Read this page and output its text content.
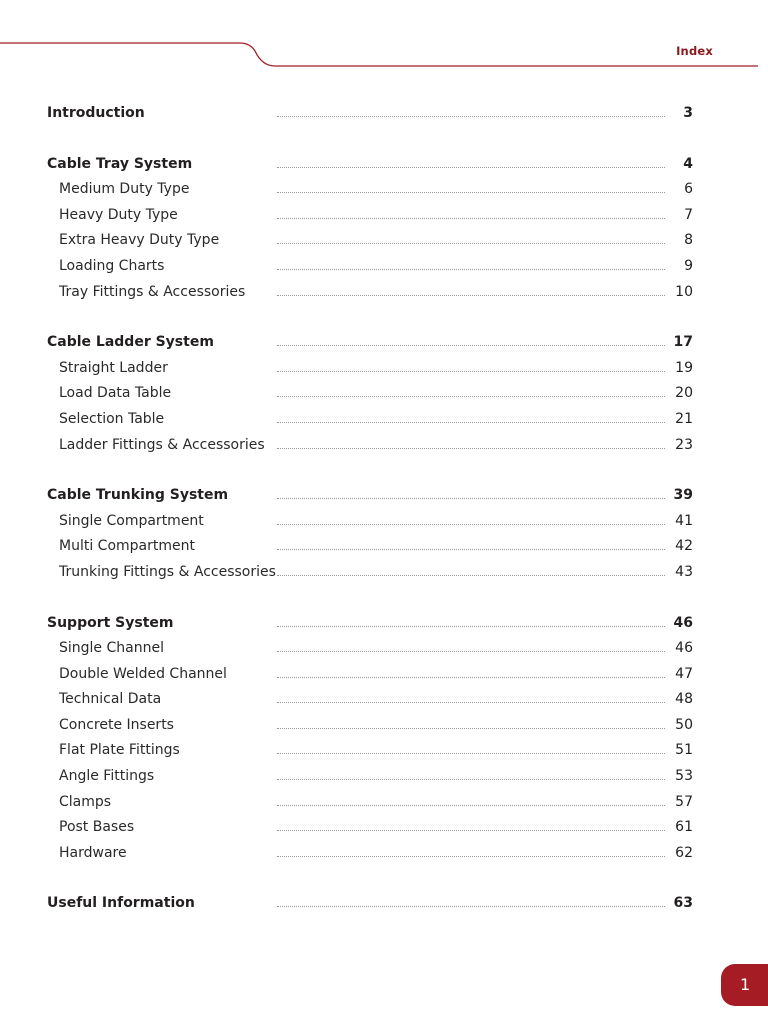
Index
Introduction	3
Cable Tray System	4
Medium Duty Type	6
Heavy Duty Type	7
Extra Heavy Duty Type	8
Loading Charts	9
Tray Fittings & Accessories	10
Cable Ladder System	17
Straight Ladder	19
Load Data Table	20
Selection Table	21
Ladder Fittings & Accessories	23
Cable Trunking System	39
Single Compartment	41
Multi Compartment	42
Trunking Fittings & Accessories	43
Support System	46
Single Channel	46
Double Welded Channel	47
Technical Data	48
Concrete Inserts	50
Flat Plate Fittings	51
Angle Fittings	53
Clamps	57
Post Bases	61
Hardware	62
Useful Information	63
1
